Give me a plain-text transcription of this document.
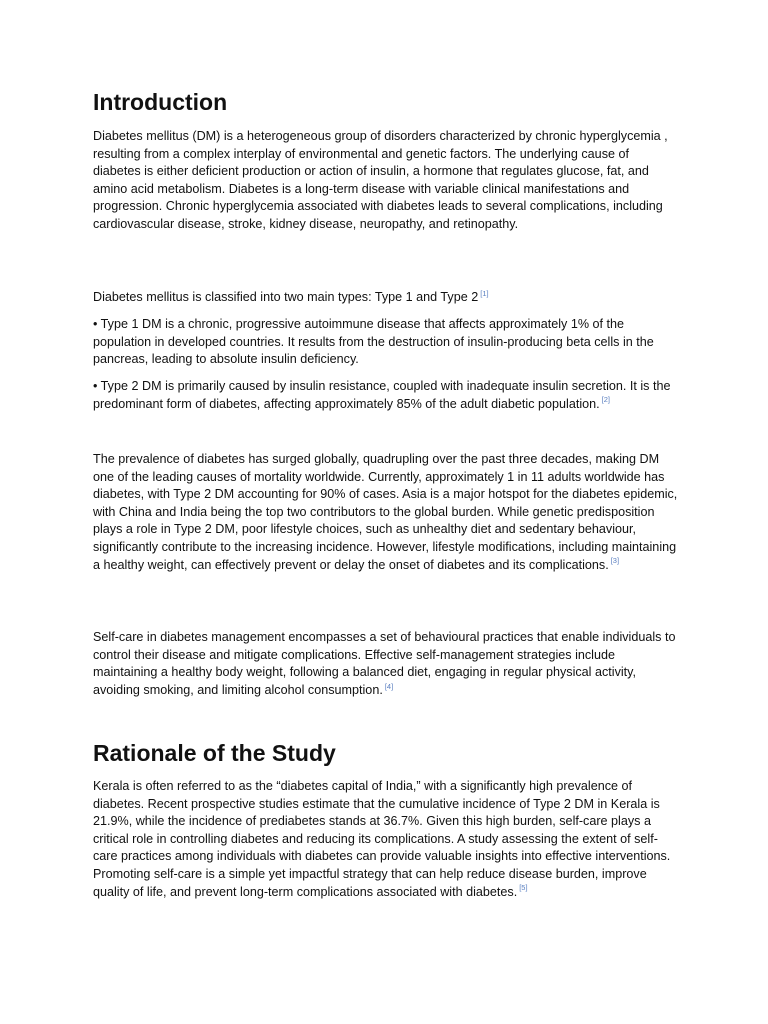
Introduction

Diabetes mellitus (DM) is a heterogeneous group of disorders characterized by chronic hyperglycemia , resulting from a complex interplay of environmental and genetic factors. The underlying cause of diabetes is either deficient production or action of insulin, a hormone that regulates glucose, fat, and amino acid metabolism. Diabetes is a long-term disease with variable clinical manifestations and progression. Chronic hyperglycemia associated with diabetes leads to several complications, including cardiovascular disease, stroke, kidney disease, neuropathy, and retinopathy.

Diabetes mellitus is classified into two main types: Type 1 and Type 2 [1]

• Type 1 DM is a chronic, progressive autoimmune disease that affects approximately 1% of the population in developed countries. It results from the destruction of insulin-producing beta cells in the pancreas, leading to absolute insulin deficiency.

• Type 2 DM is primarily caused by insulin resistance, coupled with inadequate insulin secretion. It is the predominant form of diabetes, affecting approximately 85% of the adult diabetic population. [2]

The prevalence of diabetes has surged globally, quadrupling over the past three decades, making DM one of the leading causes of mortality worldwide. Currently, approximately 1 in 11 adults worldwide has diabetes, with Type 2 DM accounting for 90% of cases. Asia is a major hotspot for the diabetes epidemic, with China and India being the top two contributors to the global burden. While genetic predisposition plays a role in Type 2 DM, poor lifestyle choices, such as unhealthy diet and sedentary behaviour, significantly contribute to the increasing incidence. However, lifestyle modifications, including maintaining a healthy weight, can effectively prevent or delay the onset of diabetes and its complications. [3]

Self-care in diabetes management encompasses a set of behavioural practices that enable individuals to control their disease and mitigate complications. Effective self-management strategies include maintaining a healthy body weight, following a balanced diet, engaging in regular physical activity, avoiding smoking, and limiting alcohol consumption. [4]

Rationale of the Study

Kerala is often referred to as the “diabetes capital of India,” with a significantly high prevalence of diabetes. Recent prospective studies estimate that the cumulative incidence of Type 2 DM in Kerala is 21.9%, while the incidence of prediabetes stands at 36.7%. Given this high burden, self-care plays a critical role in controlling diabetes and reducing its complications. A study assessing the extent of self-care practices among individuals with diabetes can provide valuable insights into effective interventions. Promoting self-care is a simple yet impactful strategy that can help reduce disease burden, improve quality of life, and prevent long-term complications associated with diabetes. [5]
